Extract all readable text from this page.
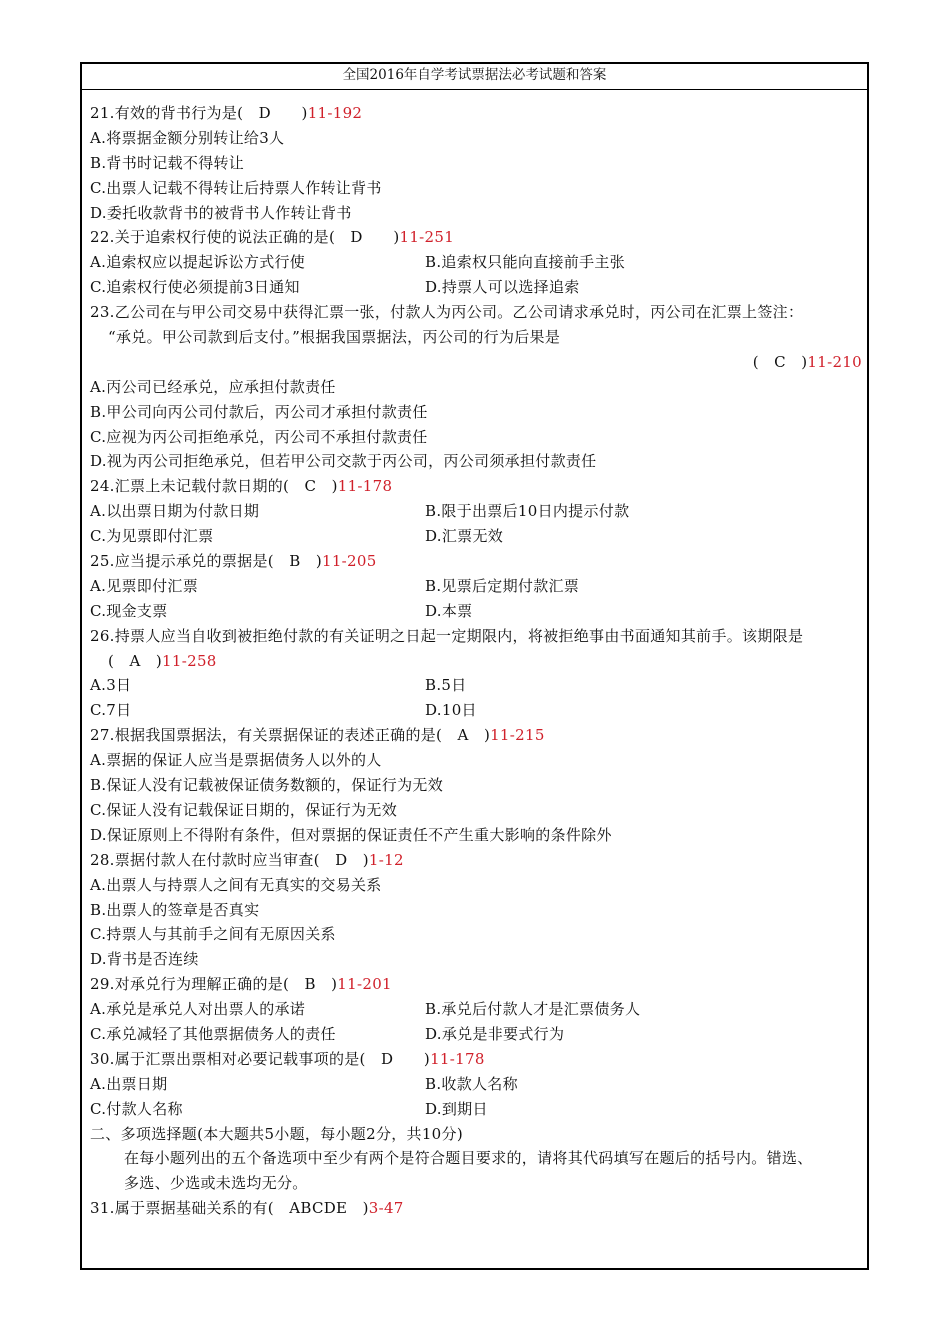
全国2016年自学考试票据法必考试题和答案
21.有效的背书行为是(　D　　)11-192
A.将票据金额分别转让给3人
B.背书时记载不得转让
C.出票人记载不得转让后持票人作转让背书
D.委托收款背书的被背书人作转让背书
22.关于追索权行使的说法正确的是(　D　　)11-251
A.追索权应以提起诉讼方式行使	B.追索权只能向直接前手主张
C.追索权行使必须提前3日通知	D.持票人可以选择追索
23.乙公司在与甲公司交易中获得汇票一张，付款人为丙公司。乙公司请求承兑时，丙公司在汇票上签注：
“承兑。甲公司款到后支付。”根据我国票据法，丙公司的行为后果是
(　C　)11-210
A.丙公司已经承兑，应承担付款责任
B.甲公司向丙公司付款后，丙公司才承担付款责任
C.应视为丙公司拒绝承兑，丙公司不承担付款责任
D.视为丙公司拒绝承兑，但若甲公司交款于丙公司，丙公司须承担付款责任
24.汇票上未记载付款日期的(　C　)11-178
A.以出票日期为付款日期	B.限于出票后10日内提示付款
C.为见票即付汇票	D.汇票无效
25.应当提示承兑的票据是(　B　)11-205
A.见票即付汇票	B.见票后定期付款汇票
C.现金支票	D.本票
26.持票人应当自收到被拒绝付款的有关证明之日起一定期限内，将被拒绝事由书面通知其前手。该期限是
(　A　)11-258
A.3日	B.5日
C.7日	D.10日
27.根据我国票据法，有关票据保证的表述正确的是(　A　)11-215
A.票据的保证人应当是票据债务人以外的人
B.保证人没有记载被保证债务数额的，保证行为无效
C.保证人没有记载保证日期的，保证行为无效
D.保证原则上不得附有条件，但对票据的保证责任不产生重大影响的条件除外
28.票据付款人在付款时应当审查(　D　)1-12
A.出票人与持票人之间有无真实的交易关系
B.出票人的签章是否真实
C.持票人与其前手之间有无原因关系
D.背书是否连续
29.对承兑行为理解正确的是(　B　)11-201
A.承兑是承兑人对出票人的承诺	B.承兑后付款人才是汇票债务人
C.承兑减轻了其他票据债务人的责任	D.承兑是非要式行为
30.属于汇票出票相对必要记载事项的是(　D　　)11-178
A.出票日期	B.收款人名称
C.付款人名称	D.到期日
二、多项选择题(本大题共5小题，每小题2分，共10分)
在每小题列出的五个备选项中至少有两个是符合题目要求的，请将其代码填写在题后的括号内。错选、
多选、少选或未选均无分。
31.属于票据基础关系的有(　ABCDE　)3-47
